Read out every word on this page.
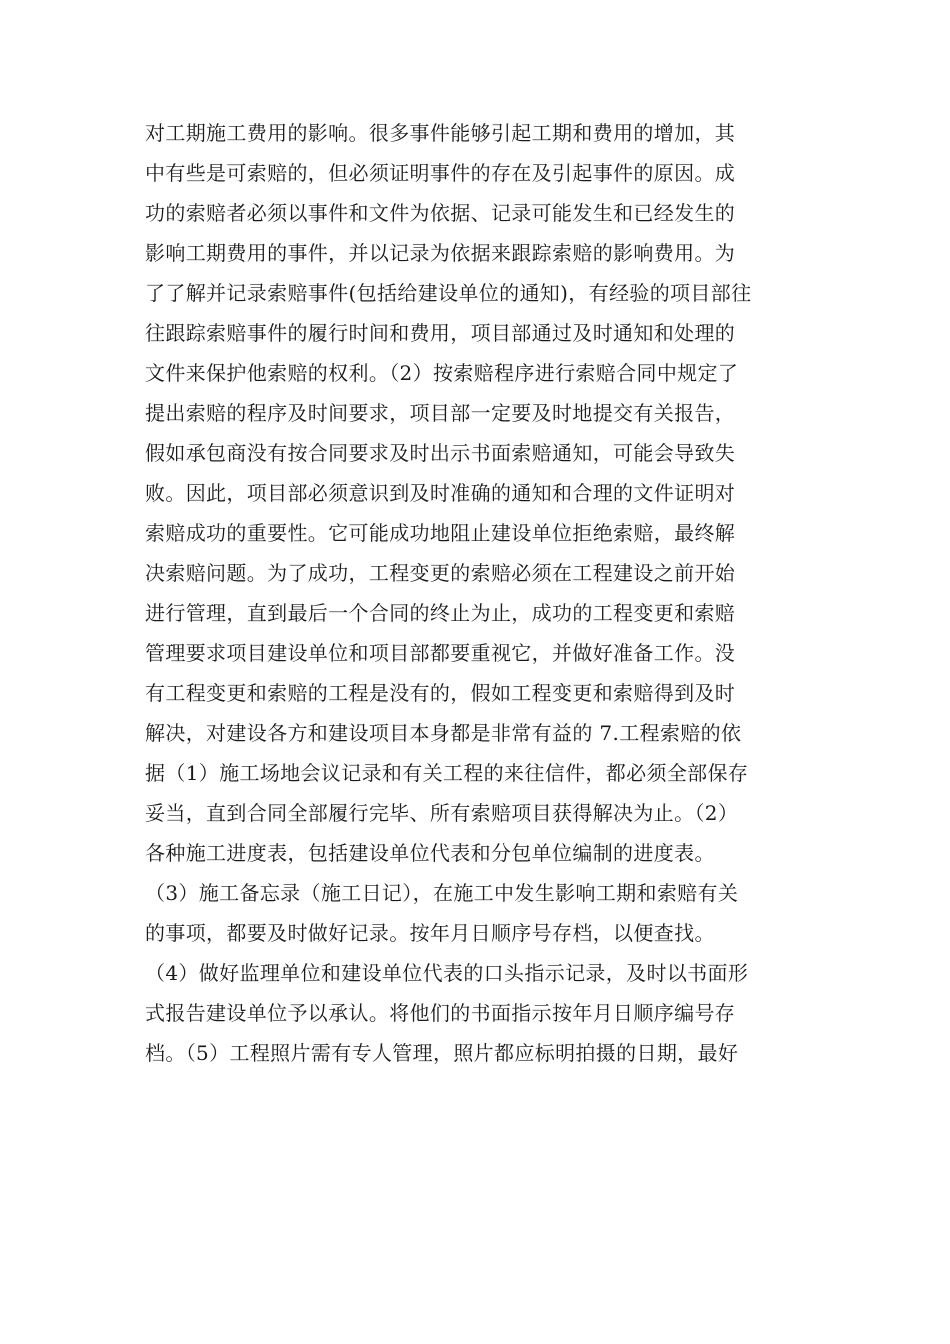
对工期施工费用的影响。很多事件能够引起工期和费用的增加，其
中有些是可索赔的，但必须证明事件的存在及引起事件的原因。成
功的索赔者必须以事件和文件为依据、记录可能发生和已经发生的
影响工期费用的事件，并以记录为依据来跟踪索赔的影响费用。为
了了解并记录索赔事件(包括给建设单位的通知)，有经验的项目部往
往跟踪索赔事件的履行时间和费用，项目部通过及时通知和处理的
文件来保护他索赔的权利。（2）按索赔程序进行索赔合同中规定了
提出索赔的程序及时间要求，项目部一定要及时地提交有关报告，
假如承包商没有按合同要求及时出示书面索赔通知，可能会导致失
败。因此，项目部必须意识到及时准确的通知和合理的文件证明对
索赔成功的重要性。它可能成功地阻止建设单位拒绝索赔，最终解
决索赔问题。为了成功，工程变更的索赔必须在工程建设之前开始
进行管理，直到最后一个合同的终止为止，成功的工程变更和索赔
管理要求项目建设单位和项目部都要重视它，并做好准备工作。没
有工程变更和索赔的工程是没有的，假如工程变更和索赔得到及时
解决，对建设各方和建设项目本身都是非常有益的 7.工程索赔的依
据（1）施工场地会议记录和有关工程的来往信件，都必须全部保存
妥当，直到合同全部履行完毕、所有索赔项目获得解决为止。（2）
各种施工进度表，包括建设单位代表和分包单位编制的进度表。
（3）施工备忘录（施工日记），在施工中发生影响工期和索赔有关
的事项，都要及时做好记录。按年月日顺序号存档，以便查找。
（4）做好监理单位和建设单位代表的口头指示记录，及时以书面形
式报告建设单位予以承认。将他们的书面指示按年月日顺序编号存
档。（5）工程照片需有专人管理，照片都应标明拍摄的日期，最好
